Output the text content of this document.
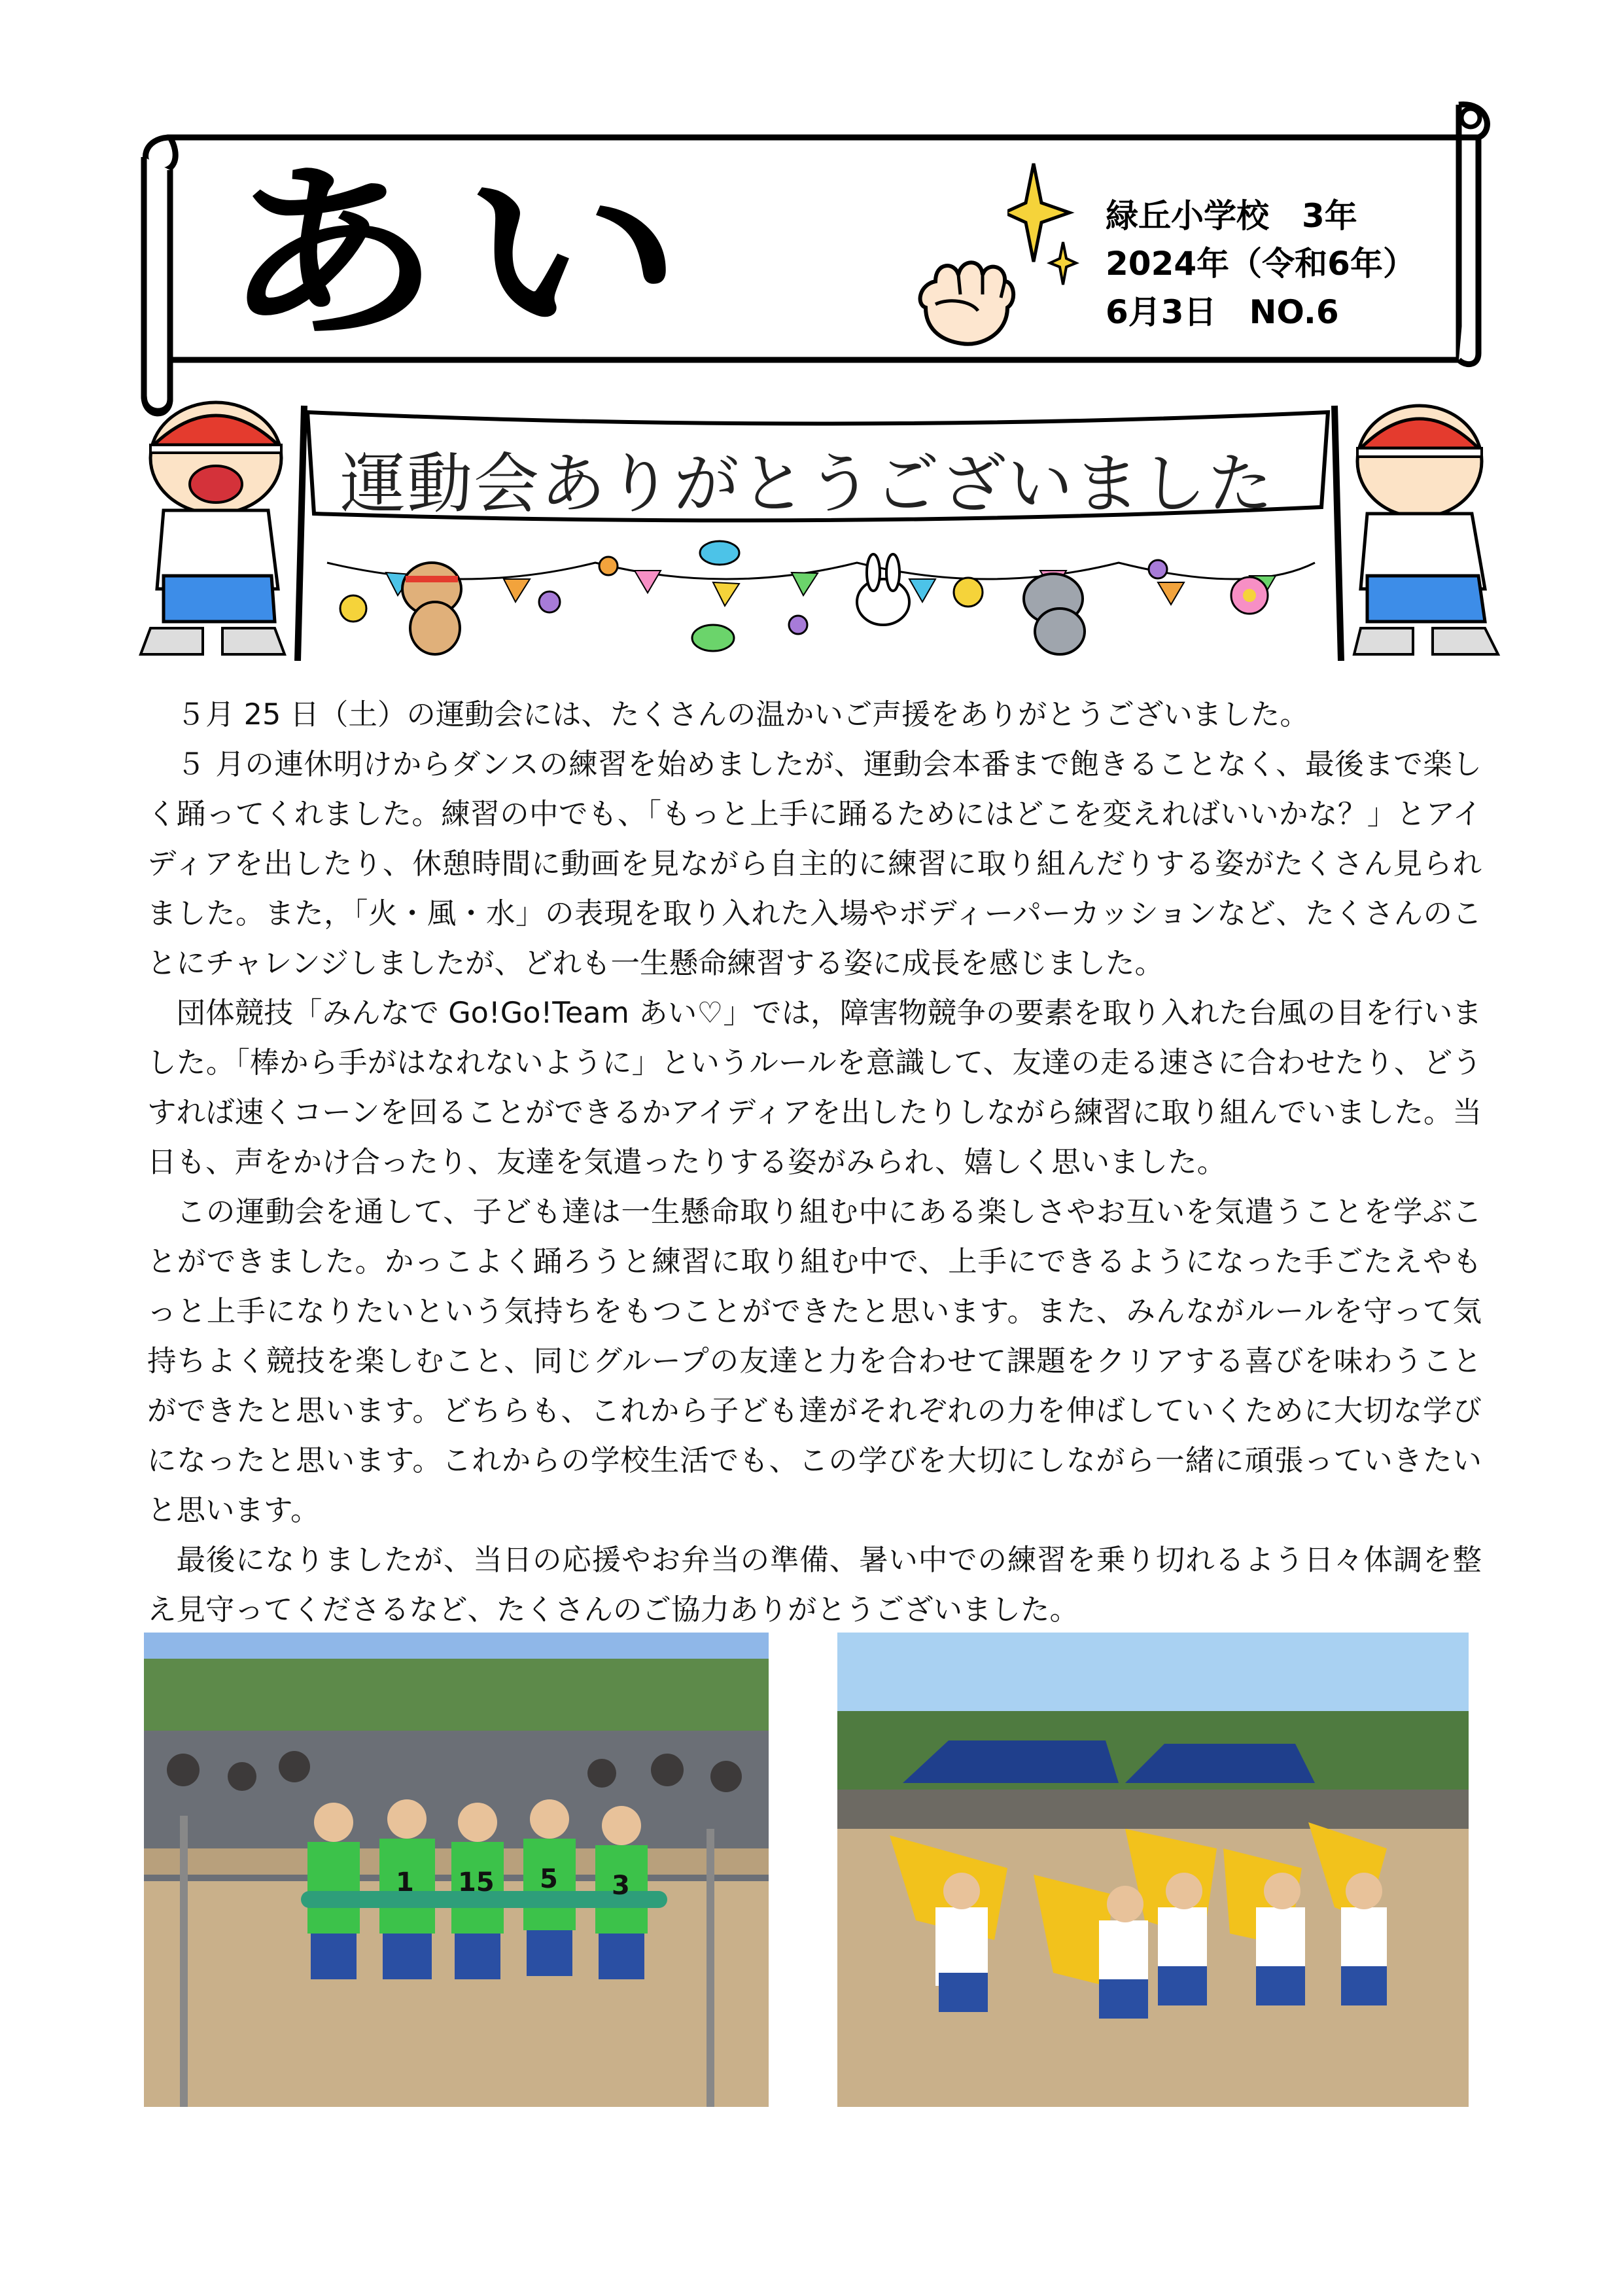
あい	緑丘小学校　3年
2024年（令和6年）
6月3日　NO.6
運動会ありがとうございました

５月 25 日（土）の運動会には、たくさんの温かいご声援をありがとうございました。

５ 月の連休明けからダンスの練習を始めましたが、運動会本番まで飽きることなく、最後まで楽しく踊ってくれました。練習の中でも、「もっと上手に踊るためにはどこを変えればいいかな？」とアイディアを出したり、休憩時間に動画を見ながら自主的に練習に取り組んだりする姿がたくさん見られました。また，「火・風・水」の表現を取り入れた入場やボディーパーカッションなど、たくさんのことにチャレンジしましたが、どれも一生懸命練習する姿に成長を感じました。

団体競技「みんなで Go!Go!Team あい♡」では，障害物競争の要素を取り入れた台風の目を行いました。「棒から手がはなれないように」というルールを意識して、友達の走る速さに合わせたり、どうすれば速くコーンを回ることができるかアイディアを出したりしながら練習に取り組んでいました。当日も、声をかけ合ったり、友達を気遣ったりする姿がみられ、嬉しく思いました。

この運動会を通して、子ども達は一生懸命取り組む中にある楽しさやお互いを気遣うことを学ぶことができました。かっこよく踊ろうと練習に取り組む中で、上手にできるようになった手ごたえやもっと上手になりたいという気持ちをもつことができたと思います。また、みんながルールを守って気持ちよく競技を楽しむこと、同じグループの友達と力を合わせて課題をクリアする喜びを味わうことができたと思います。どちらも、これから子ども達がそれぞれの力を伸ばしていくために大切な学びになったと思います。これからの学校生活でも、この学びを大切にしながら一緒に頑張っていきたいと思います。

最後になりましたが、当日の応援やお弁当の準備、暑い中での練習を乗り切れるよう日々体調を整え見守ってくださるなど、たくさんのご協力ありがとうございました。

1 15 5 3
